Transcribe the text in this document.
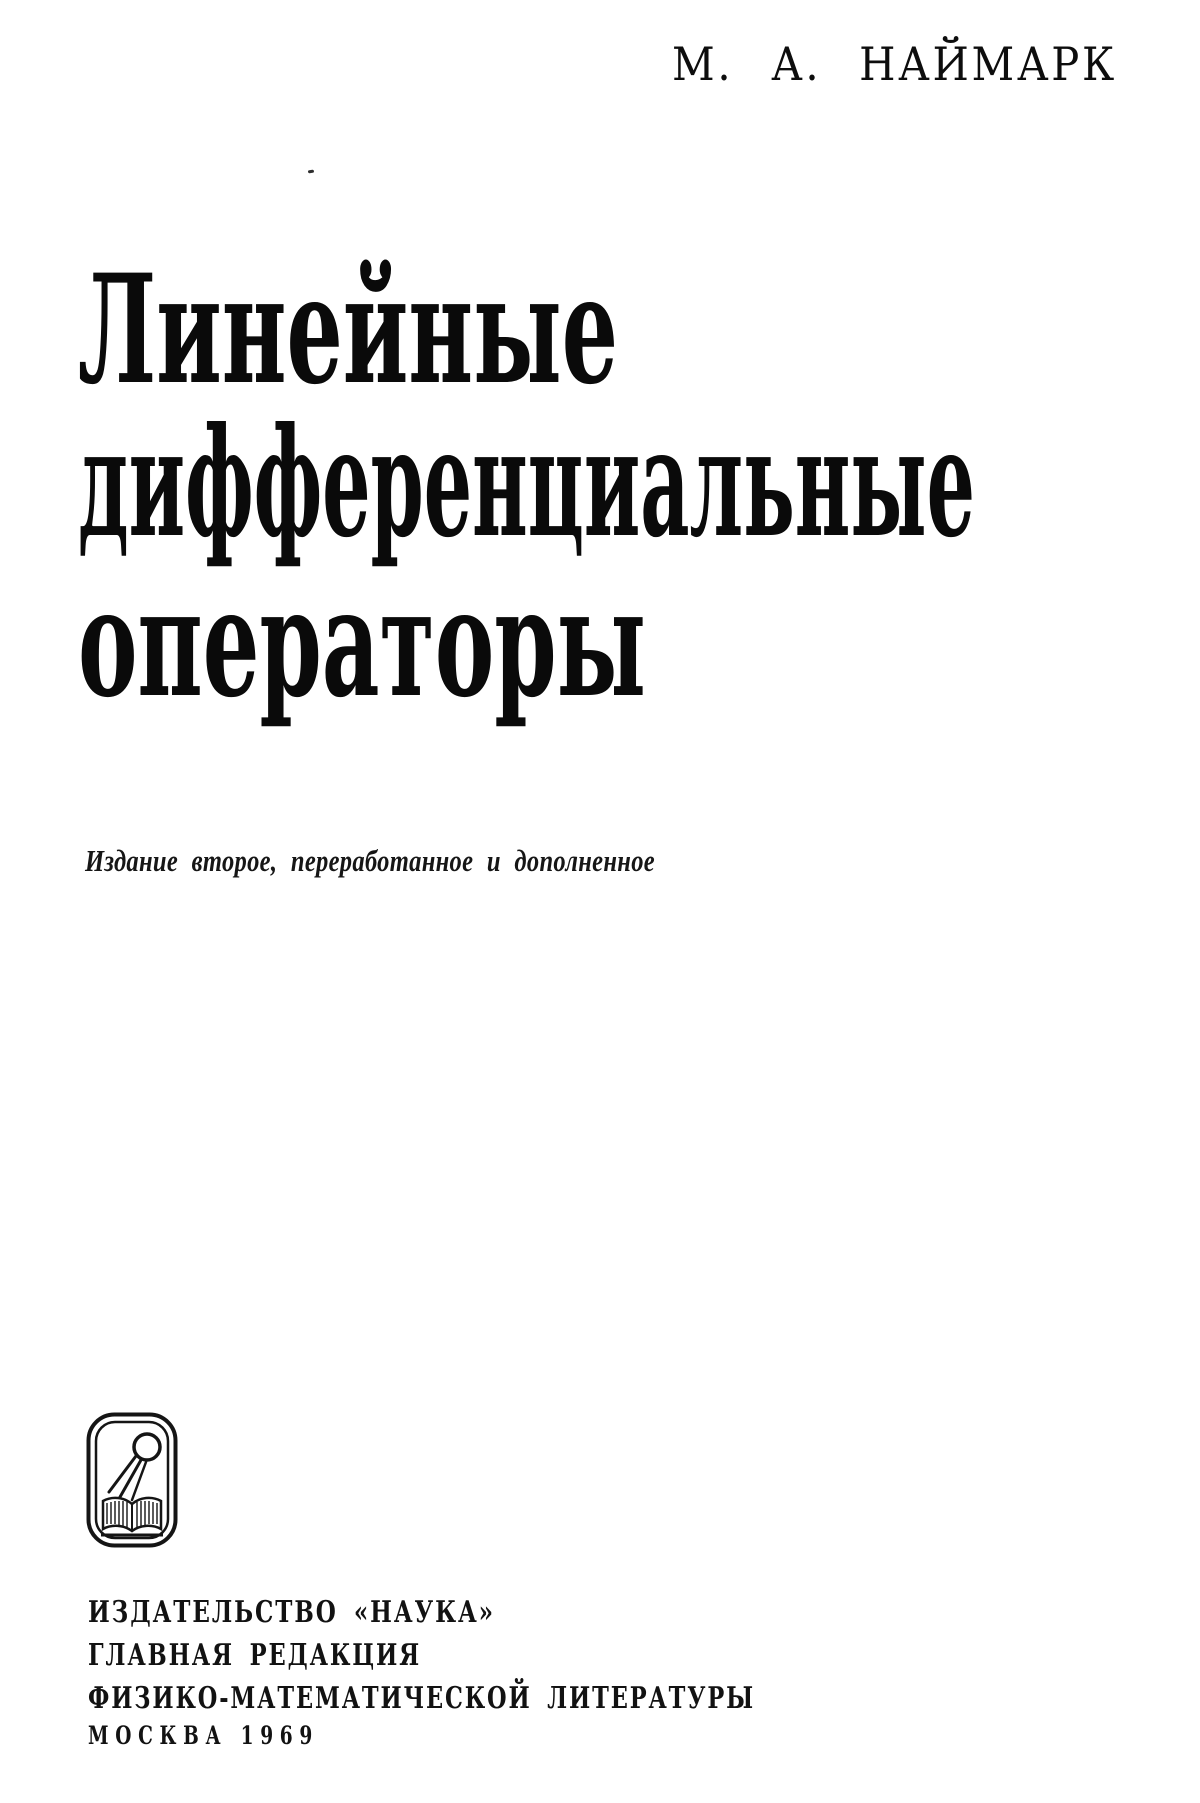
М. А. НАЙМАРК
Линейные
дифференциальные
операторы
Издание второе, переработанное и дополненное
ИЗДАТЕЛЬСТВО «НАУКА»
ГЛАВНАЯ РЕДАКЦИЯ
ФИЗИКО-МАТЕМАТИЧЕСКОЙ ЛИТЕРАТУРЫ
МОСКВА 1969
